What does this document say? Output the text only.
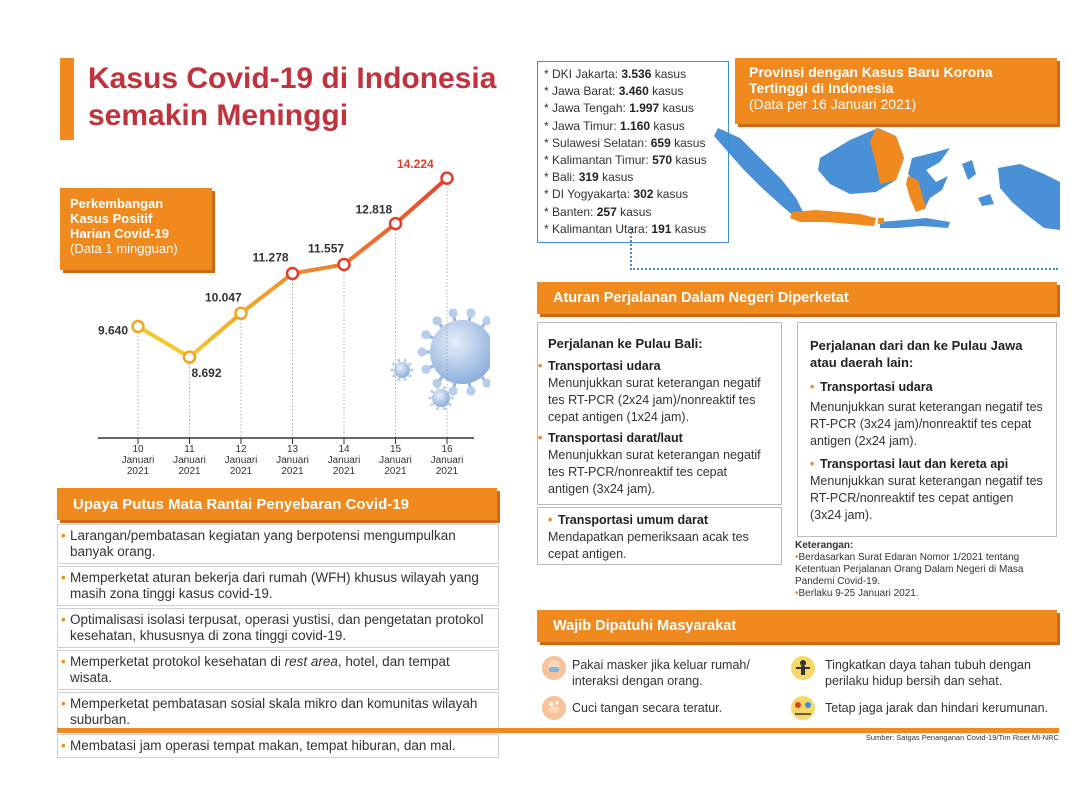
Kasus Covid-19 di Indonesia
semakin Meninggi
Perkembangan
Kasus Positif
Harian Covid-19
(Data 1 mingguan)
9.640
8.692
10.047
11.278
11.557
12.818
14.224
10
Januari
2021
11
Januari
2021
12
Januari
2021
13
Januari
2021
14
Januari
2021
15
Januari
2021
16
Januari
2021
Upaya Putus Mata Rantai Penyebaran Covid-19
• Larangan/pembatasan kegiatan yang berpotensi mengumpulkan banyak orang.
• Memperketat aturan bekerja dari rumah (WFH) khusus wilayah yang masih zona tinggi kasus covid-19.
• Optimalisasi isolasi terpusat, operasi yustisi, dan pengetatan protokol kesehatan, khususnya di zona tinggi covid-19.
• Memperketat protokol kesehatan di rest area, hotel, dan tempat wisata.
• Memperketat pembatasan sosial skala mikro dan komunitas wilayah suburban.
• Membatasi jam operasi tempat makan, tempat hiburan, dan mal.
* DKI Jakarta: 3.536 kasus
* Jawa Barat: 3.460 kasus
* Jawa Tengah: 1.997 kasus
* Jawa Timur: 1.160 kasus
* Sulawesi Selatan: 659 kasus
* Kalimantan Timur: 570 kasus
* Bali: 319 kasus
* DI Yogyakarta: 302 kasus
* Banten: 257 kasus
* Kalimantan Utara: 191 kasus
Provinsi dengan Kasus Baru Korona
Tertinggi di Indonesia
(Data per 16 Januari 2021)
Aturan Perjalanan Dalam Negeri Diperketat
Perjalanan ke Pulau Bali:
• Transportasi udara
Menunjukkan surat keterangan negatif tes RT-PCR (2x24 jam)/nonreaktif tes cepat antigen (1x24 jam).
• Transportasi darat/laut
Menunjukkan surat keterangan negatif tes RT-PCR/nonreaktif tes cepat antigen (3x24 jam).
• Transportasi umum darat
Mendapatkan pemeriksaan acak tes cepat antigen.
Perjalanan dari dan ke Pulau Jawa atau daerah lain:
• Transportasi udara
Menunjukkan surat keterangan negatif tes RT-PCR (3x24 jam)/nonreaktif tes cepat antigen (2x24 jam).
• Transportasi laut dan kereta api
Menunjukkan surat keterangan negatif tes RT-PCR/nonreaktif tes cepat antigen (3x24 jam).
Keterangan:
•Berdasarkan Surat Edaran Nomor 1/2021 tentang Ketentuan Perjalanan Orang Dalam Negeri di Masa Pandemi Covid-19.
•Berlaku 9-25 Januari 2021.
Wajib Dipatuhi Masyarakat
Pakai masker jika keluar rumah/ interaksi dengan orang.
Cuci tangan secara teratur.
Tingkatkan daya tahan tubuh dengan perilaku hidup bersih dan sehat.
Tetap jaga jarak dan hindari kerumunan.
Sumber: Satgas Penanganan Covid-19/Tim Riset MI-NRC
